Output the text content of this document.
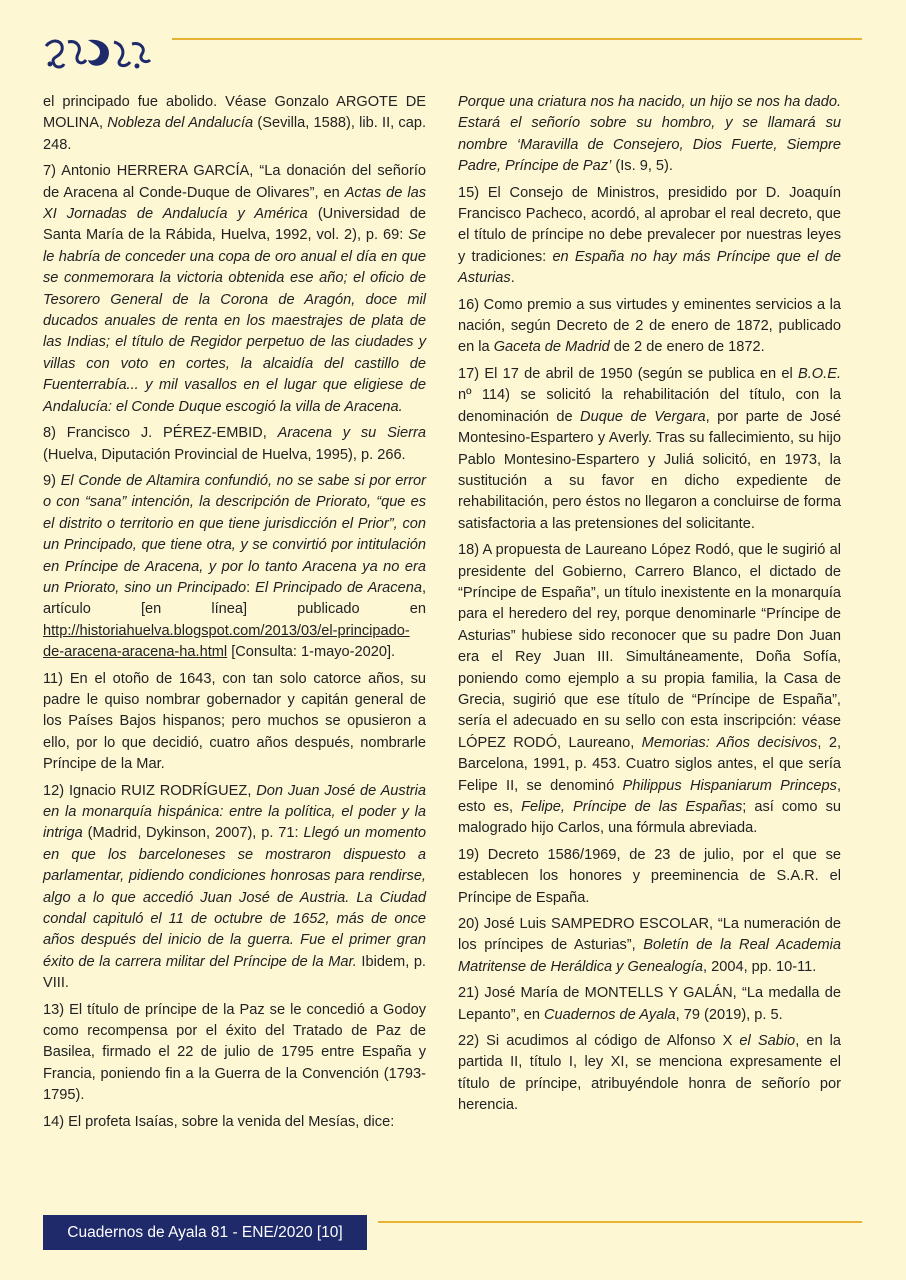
el principado fue abolido. Véase Gonzalo ARGOTE DE MOLINA, Nobleza del Andalucía (Sevilla, 1588), lib. II, cap. 248.

7) Antonio HERRERA GARCÍA, “La donación del señorío de Aracena al Conde-Duque de Olivares”, en Actas de las XI Jornadas de Andalucía y América (Universidad de Santa María de la Rábida, Huelva, 1992, vol. 2), p. 69: Se le habría de conceder una copa de oro anual el día en que se conmemorara la victoria obtenida ese año; el oficio de Tesorero General de la Corona de Aragón, doce mil ducados anuales de renta en los maestrajes de plata de las Indias; el título de Regidor perpetuo de las ciudades y villas con voto en cortes, la alcaidía del castillo de Fuenterrabía... y mil vasallos en el lugar que eligiese de Andalucía: el Conde Duque escogió la villa de Aracena.

8) Francisco J. PÉREZ-EMBID, Aracena y su Sierra (Huelva, Diputación Provincial de Huelva, 1995), p. 266.

9) El Conde de Altamira confundió, no se sabe si por error o con “sana” intención, la descripción de Priorato, “que es el distrito o territorio en que tiene jurisdicción el Prior”, con un Principado, que tiene otra, y se convirtió por intitulación en Príncipe de Aracena, y por lo tanto Aracena ya no era un Priorato, sino un Principado: El Principado de Aracena, artículo [en línea] publicado en http://historiahuelva.blogspot.com/2013/03/el-principado-de-aracena-aracena-ha.html [Consulta: 1-mayo-2020].

11) En el otoño de 1643, con tan solo catorce años, su padre le quiso nombrar gobernador y capitán general de los Países Bajos hispanos; pero muchos se opusieron a ello, por lo que decidió, cuatro años después, nombrarle Príncipe de la Mar.

12) Ignacio RUIZ RODRÍGUEZ, Don Juan José de Austria en la monarquía hispánica: entre la política, el poder y la intriga (Madrid, Dykinson, 2007), p. 71: Llegó un momento en que los barceloneses se mostraron dispuesto a parlamentar, pidiendo condiciones honrosas para rendirse, algo a lo que accedió Juan José de Austria. La Ciudad condal capituló el 11 de octubre de 1652, más de once años después del inicio de la guerra. Fue el primer gran éxito de la carrera militar del Príncipe de la Mar. Ibidem, p. VIII.

13) El título de príncipe de la Paz se le concedió a Godoy como recompensa por el éxito del Tratado de Paz de Basilea, firmado el 22 de julio de 1795 entre España y Francia, poniendo fin a la Guerra de la Convención (1793-1795).

14) El profeta Isaías, sobre la venida del Mesías, dice:

Porque una criatura nos ha nacido, un hijo se nos ha dado. Estará el señorío sobre su hombro, y se llamará su nombre ‘Maravilla de Consejero, Dios Fuerte, Siempre Padre, Príncipe de Paz’ (Is. 9, 5).

15) El Consejo de Ministros, presidido por D. Joaquín Francisco Pacheco, acordó, al aprobar el real decreto, que el título de príncipe no debe prevalecer por nuestras leyes y tradiciones: en España no hay más Príncipe que el de Asturias.

16) Como premio a sus virtudes y eminentes servicios a la nación, según Decreto de 2 de enero de 1872, publicado en la Gaceta de Madrid de 2 de enero de 1872.

17) El 17 de abril de 1950 (según se publica en el B.O.E. nº 114) se solicitó la rehabilitación del título, con la denominación de Duque de Vergara, por parte de José Montesino-Espartero y Averly. Tras su fallecimiento, su hijo Pablo Montesino-Espartero y Juliá solicitó, en 1973, la sustitución a su favor en dicho expediente de rehabilitación, pero éstos no llegaron a concluirse de forma satisfactoria a las pretensiones del solicitante.

18) A propuesta de Laureano López Rodó, que le sugirió al presidente del Gobierno, Carrero Blanco, el dictado de “Príncipe de España”, un título inexistente en la monarquía para el heredero del rey, porque denominarle “Príncipe de Asturias” hubiese sido reconocer que su padre Don Juan era el Rey Juan III. Simultáneamente, Doña Sofía, poniendo como ejemplo a su propia familia, la Casa de Grecia, sugirió que ese título de “Príncipe de España”, sería el adecuado en su sello con esta inscripción: véase LÓPEZ RODÓ, Laureano, Memorias: Años decisivos, 2, Barcelona, 1991, p. 453. Cuatro siglos antes, el que sería Felipe II, se denominó Philippus Hispaniarum Princeps, esto es, Felipe, Príncipe de las Españas; así como su malogrado hijo Carlos, una fórmula abreviada.

19) Decreto 1586/1969, de 23 de julio, por el que se establecen los honores y preeminencia de S.A.R. el Príncipe de España.

20) José Luis SAMPEDRO ESCOLAR, “La numeración de los príncipes de Asturias”, Boletín de la Real Academia Matritense de Heráldica y Genealogía, 2004, pp. 10-11.

21) José María de MONTELLS Y GALÁN, “La medalla de Lepanto”, en Cuadernos de Ayala, 79 (2019), p. 5.

22) Si acudimos al código de Alfonso X el Sabio, en la partida II, título I, ley XI, se menciona expresamente el título de príncipe, atribuyéndole honra de señorío por herencia.

Cuadernos de Ayala 81 - ENE/2020 [10]
